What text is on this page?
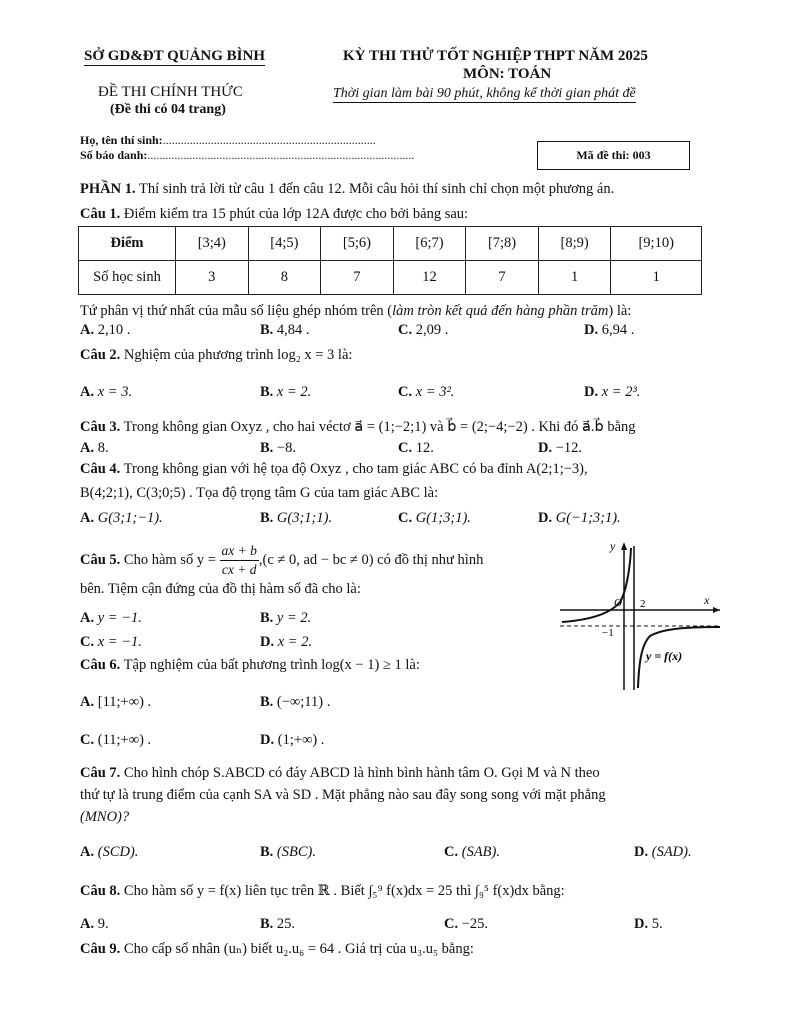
SỞ GD&ĐT QUẢNG BÌNH
ĐỀ THI CHÍNH THỨC
(Đề thi có 04 trang)
KỲ THI THỬ TỐT NGHIỆP THPT NĂM 2025
MÔN: TOÁN
Thời gian làm bài 90 phút, không kể thời gian phát đề
Họ, tên thí sinh:.......................................................................
Số báo danh:.........................................................................................	Mã đề thi: 003
PHẦN 1. Thí sinh trả lời từ câu 1 đến câu 12. Mỗi câu hỏi thí sinh chỉ chọn một phương án.
Câu 1. Điểm kiểm tra 15 phút của lớp 12A được cho bởi bảng sau:
Điểm	[3;4)	[4;5)	[5;6)	[6;7)	[7;8)	[8;9)	[9;10)
Số học sinh	3	8	7	12	7	1	1
Tứ phân vị thứ nhất của mẫu số liệu ghép nhóm trên (làm tròn kết quả đến hàng phần trăm) là:
A. 2,10 .	B. 4,84 .	C. 2,09 .	D. 6,94 .
Câu 2. Nghiệm của phương trình log₂ x = 3 là:
A. x = 3.	B. x = 2.	C. x = 3².	D. x = 2³.
Câu 3. Trong không gian Oxyz , cho hai véctơ a⃗ = (1;−2;1) và b⃗ = (2;−4;−2) . Khi đó a⃗.b⃗ bằng
A. 8.	B. −8.	C. 12.	D. −12.
Câu 4. Trong không gian với hệ tọa độ Oxyz , cho tam giác ABC có ba đỉnh A(2;1;−3),
B(4;2;1), C(3;0;5) . Tọa độ trọng tâm G của tam giác ABC là:
A. G(3;1;−1).	B. G(3;1;1).	C. G(1;3;1).	D. G(−1;3;1).
Câu 5. Cho hàm số $y = \frac{ax + b}{cx + d} ,(c \ne 0$, ad − bc ≠ 0) có đồ thị như hình
bên. Tiệm cận đứng của đồ thị hàm số đã cho là:
A. y = −1.	B. y = 2.
C. x = −1.	D. x = 2.
y
x
O 2
−1
y = f(x)
Câu 6. Tập nghiệm của bất phương trình log(x − 1) ≥ 1 là:
A. [11;+∞) .	B. (−∞;11) .
C. (11;+∞) .	D. (1;+∞) .
Câu 7. Cho hình chóp S.ABCD có đáy ABCD là hình bình hành tâm O. Gọi M và N theo
thứ tự là trung điểm của cạnh SA và SD . Mặt phẳng nào sau đây song song với mặt phẳng
(MNO)?
A. (SCD).	B. (SBC).	C. (SAB).	D. (SAD).
Câu 8. Cho hàm số y = f(x) liên tục trên ℝ . Biết ∫₅⁹ f(x)dx = 25 thì ∫₉⁵ f(x)dx bằng:
A. 9.	B. 25.	C. −25.	D. 5.
Câu 9. Cho cấp số nhân (uₙ) biết u₂.u₆ = 64 . Giá trị của u₃.u₅ bằng:
